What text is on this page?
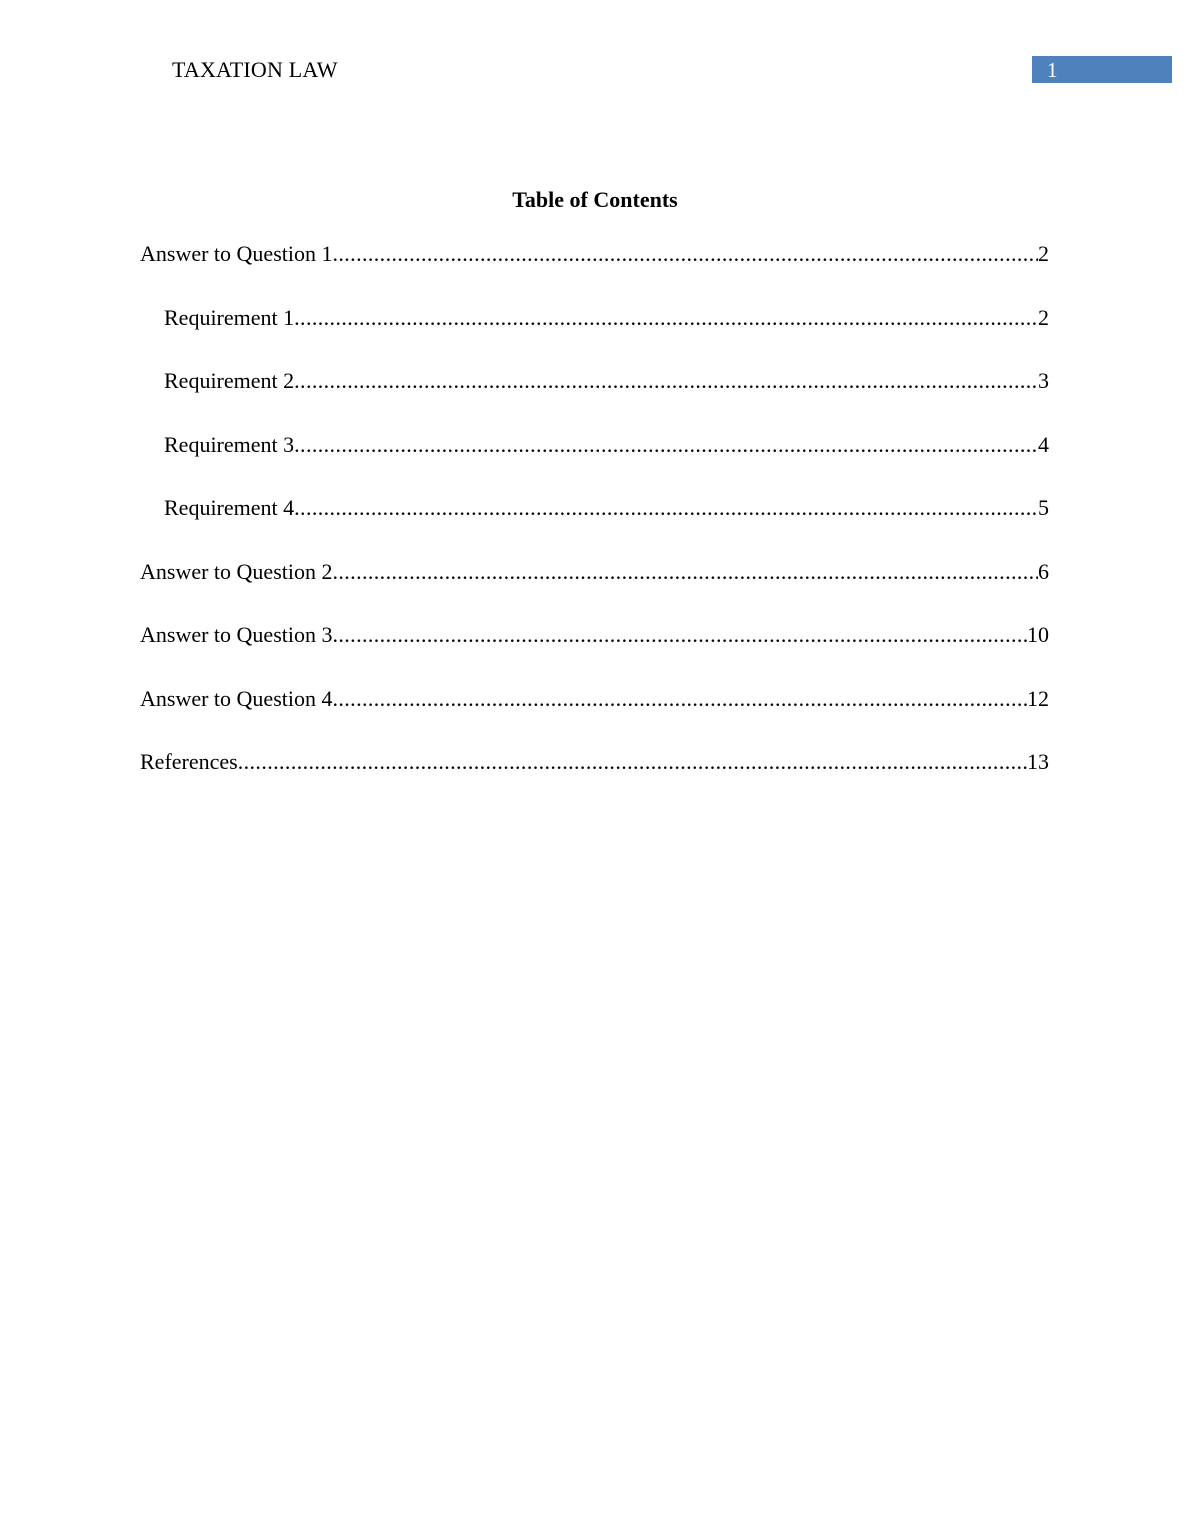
TAXATION LAW	1
Table of Contents
Answer to Question 1 .....	2
Requirement 1 .....	2
Requirement 2 .....	3
Requirement 3 .....	4
Requirement 4 .....	5
Answer to Question 2 .....	6
Answer to Question 3 .....	10
Answer to Question 4 .....	12
References .....	13
